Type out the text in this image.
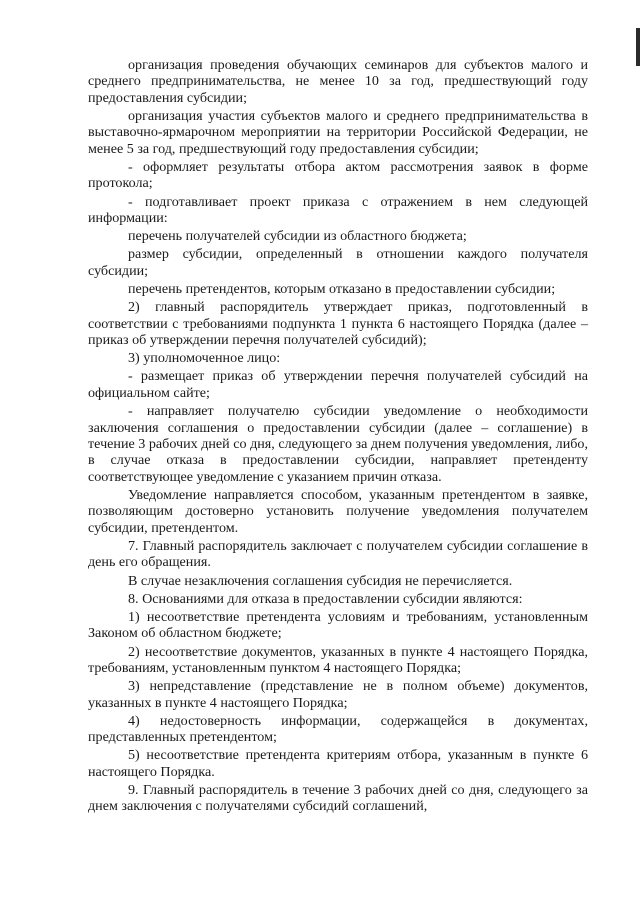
организация проведения обучающих семинаров для субъектов малого и среднего предпринимательства, не менее 10 за год, предшествующий году предоставления субсидии;

организация участия субъектов малого и среднего предпринимательства в выставочно-ярмарочном мероприятии на территории Российской Федерации, не менее 5 за год, предшествующий году предоставления субсидии;

- оформляет результаты отбора актом рассмотрения заявок в форме протокола;

- подготавливает проект приказа с отражением в нем следующей информации:

перечень получателей субсидии из областного бюджета;

размер субсидии, определенный в отношении каждого получателя субсидии;

перечень претендентов, которым отказано в предоставлении субсидии;

2) главный распорядитель утверждает приказ, подготовленный в соответствии с требованиями подпункта 1 пункта 6 настоящего Порядка (далее – приказ об утверждении перечня получателей субсидий);

3) уполномоченное лицо:

- размещает приказ об утверждении перечня получателей субсидий на официальном сайте;

- направляет получателю субсидии уведомление о необходимости заключения соглашения о предоставлении субсидии (далее – соглашение) в течение 3 рабочих дней со дня, следующего за днем получения уведомления, либо, в случае отказа в предоставлении субсидии, направляет претенденту соответствующее уведомление с указанием причин отказа.

Уведомление направляется способом, указанным претендентом в заявке, позволяющим достоверно установить получение уведомления получателем субсидии, претендентом.

7. Главный распорядитель заключает с получателем субсидии соглашение в день его обращения.

В случае незаключения соглашения субсидия не перечисляется.

8. Основаниями для отказа в предоставлении субсидии являются:

1) несоответствие претендента условиям и требованиям, установленным Законом об областном бюджете;

2) несоответствие документов, указанных в пункте 4 настоящего Порядка, требованиям, установленным пунктом 4 настоящего Порядка;

3) непредставление (представление не в полном объеме) документов, указанных в пункте 4 настоящего Порядка;

4) недостоверность информации, содержащейся в документах, представленных претендентом;

5) несоответствие претендента критериям отбора, указанным в пункте 6 настоящего Порядка.

9. Главный распорядитель в течение 3 рабочих дней со дня, следующего за днем заключения с получателями субсидий соглашений,
